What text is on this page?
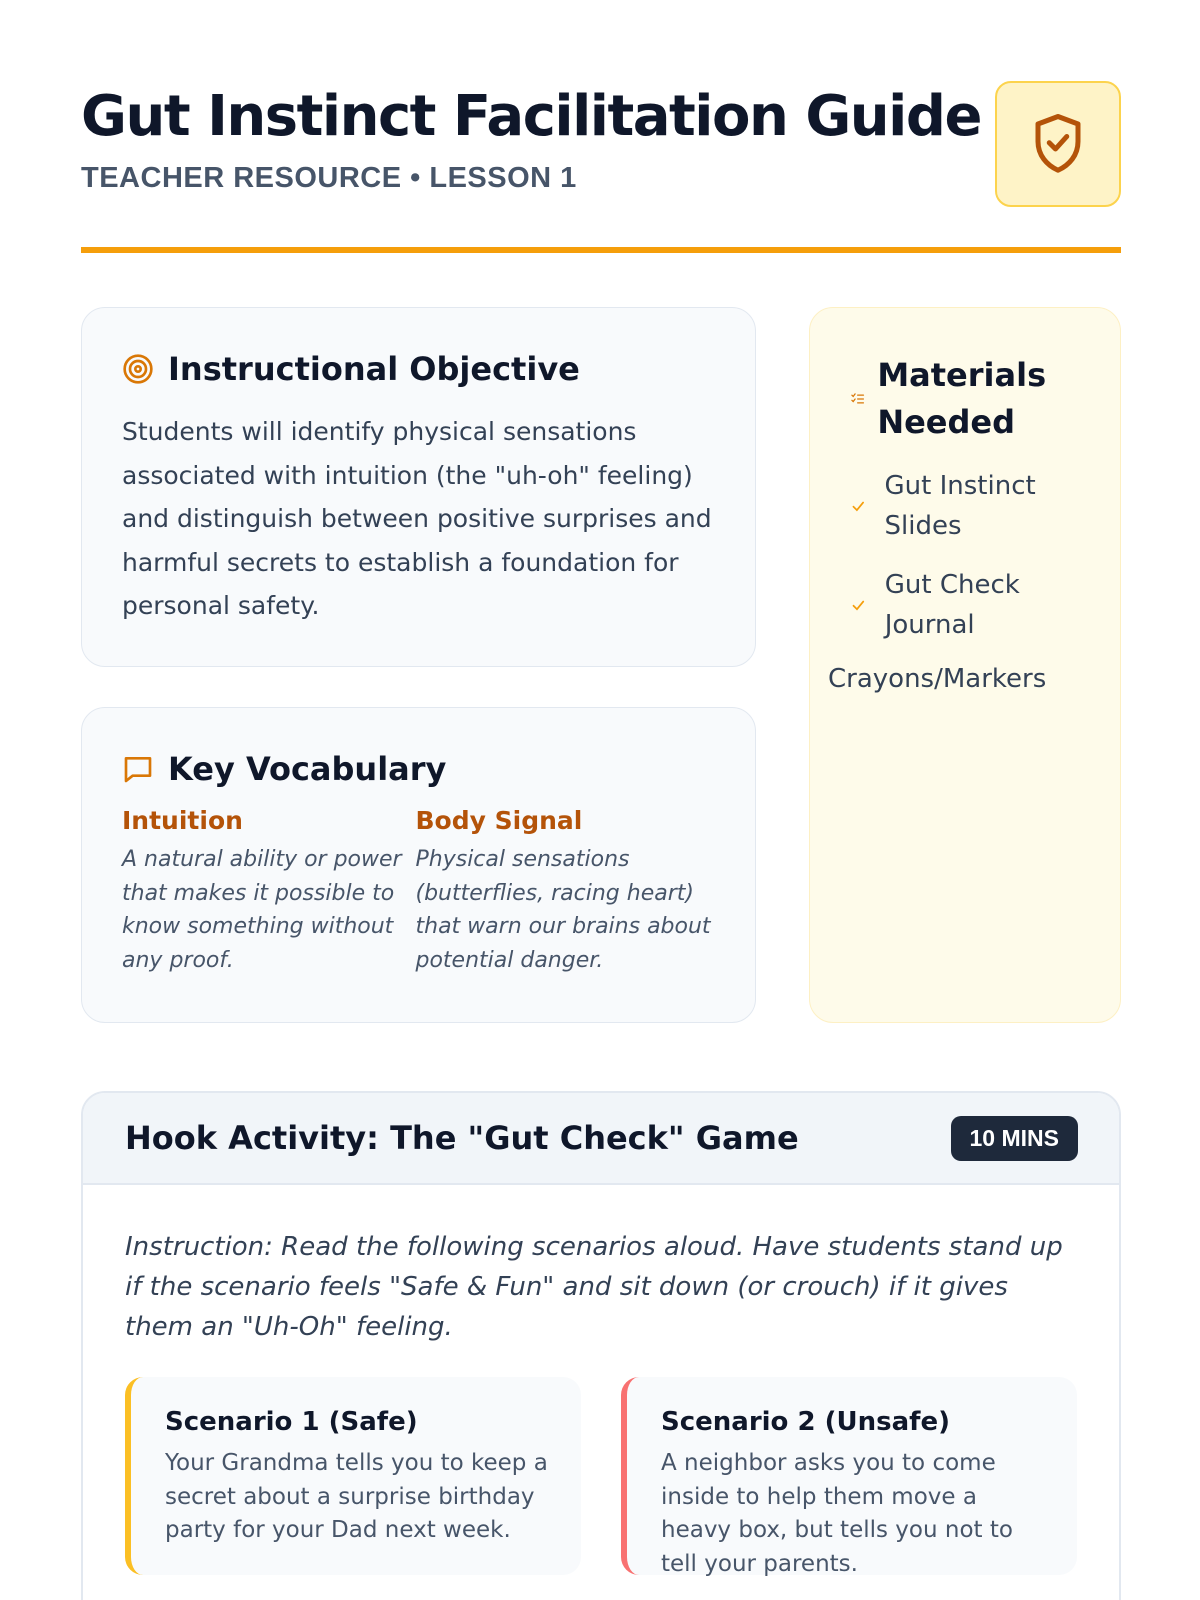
Gut Instinct Facilitation Guide
TEACHER RESOURCE • LESSON 1
Instructional Objective

Students will identify physical sensations associated with intuition (the "uh-oh" feeling) and distinguish between positive surprises and harmful secrets to establish a foundation for personal safety.

Key Vocabulary
Intuition
A natural ability or power that makes it possible to know something without any proof.
Body Signal
Physical sensations (butterflies, racing heart) that warn our brains about potential danger.
Materials Needed
Gut Instinct Slides
Gut Check Journal
Crayons/Markers
Hook Activity: The "Gut Check" Game	10 MINS

Instruction: Read the following scenarios aloud. Have students stand up if the scenario feels "Safe & Fun" and sit down (or crouch) if it gives them an "Uh-Oh" feeling.

Scenario 1 (Safe)

Your Grandma tells you to keep a secret about a surprise birthday party for your Dad next week.

Scenario 2 (Unsafe)

A neighbor asks you to come inside to help them move a heavy box, but tells you not to tell your parents.
